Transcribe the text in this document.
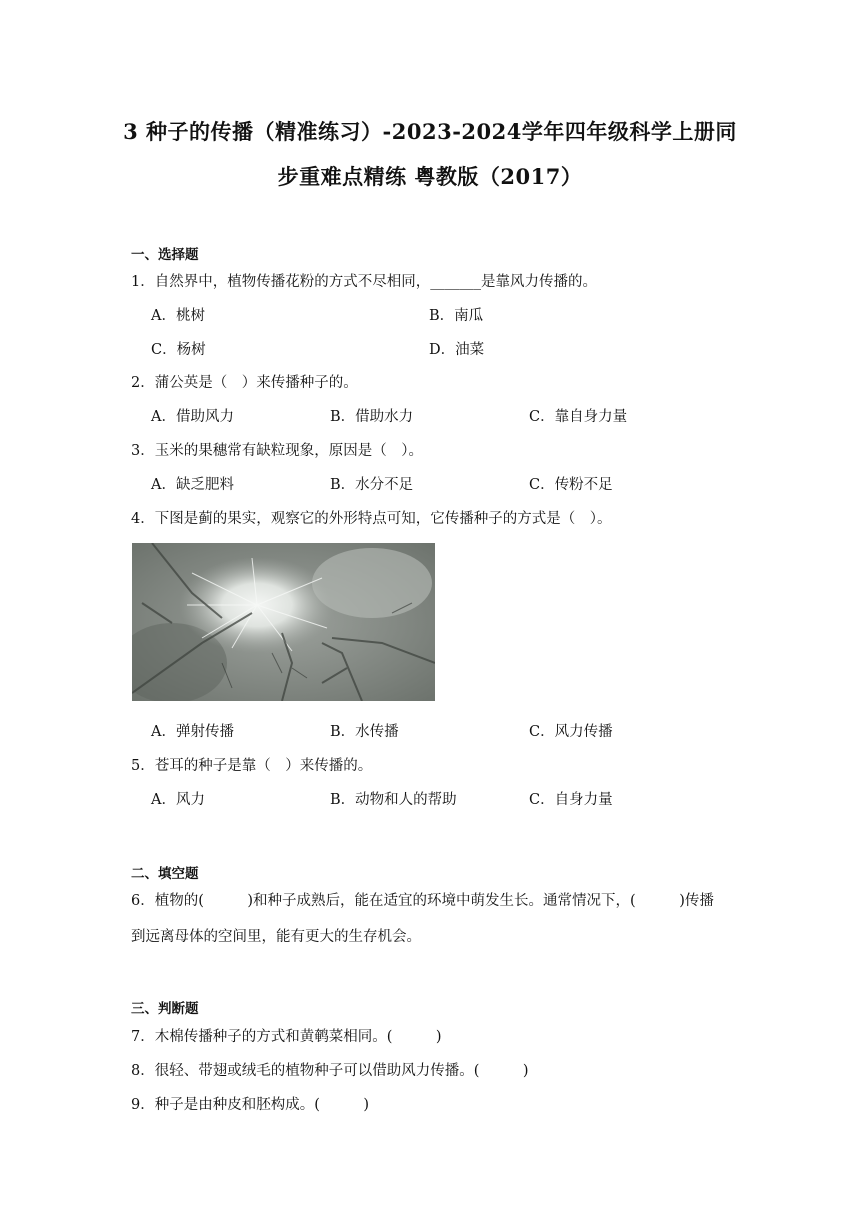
3 种子的传播（精准练习）-2023-2024学年四年级科学上册同
步重难点精练 粤教版（2017）
一、选择题
1．自然界中，植物传播花粉的方式不尽相同，_______是靠风力传播的。
A．桃树	B．南瓜
C．杨树	D．油菜
2．蒲公英是（　）来传播种子的。
A．借助风力	B．借助水力	C．靠自身力量
3．玉米的果穗常有缺粒现象，原因是（　）。
A．缺乏肥料	B．水分不足	C．传粉不足
4．下图是蓟的果实，观察它的外形特点可知，它传播种子的方式是（　）。
A．弹射传播	B．水传播	C．风力传播
5．苍耳的种子是靠（　）来传播的。
A．风力	B．动物和人的帮助	C．自身力量
二、填空题
6．植物的(　　　)和种子成熟后，能在适宜的环境中萌发生长。通常情况下，(　　　)传播
到远离母体的空间里，能有更大的生存机会。
三、判断题
7．木棉传播种子的方式和黄鹌菜相同。(　　　)
8．很轻、带翅或绒毛的植物种子可以借助风力传播。(　　　)
9．种子是由种皮和胚构成。(　　　)
